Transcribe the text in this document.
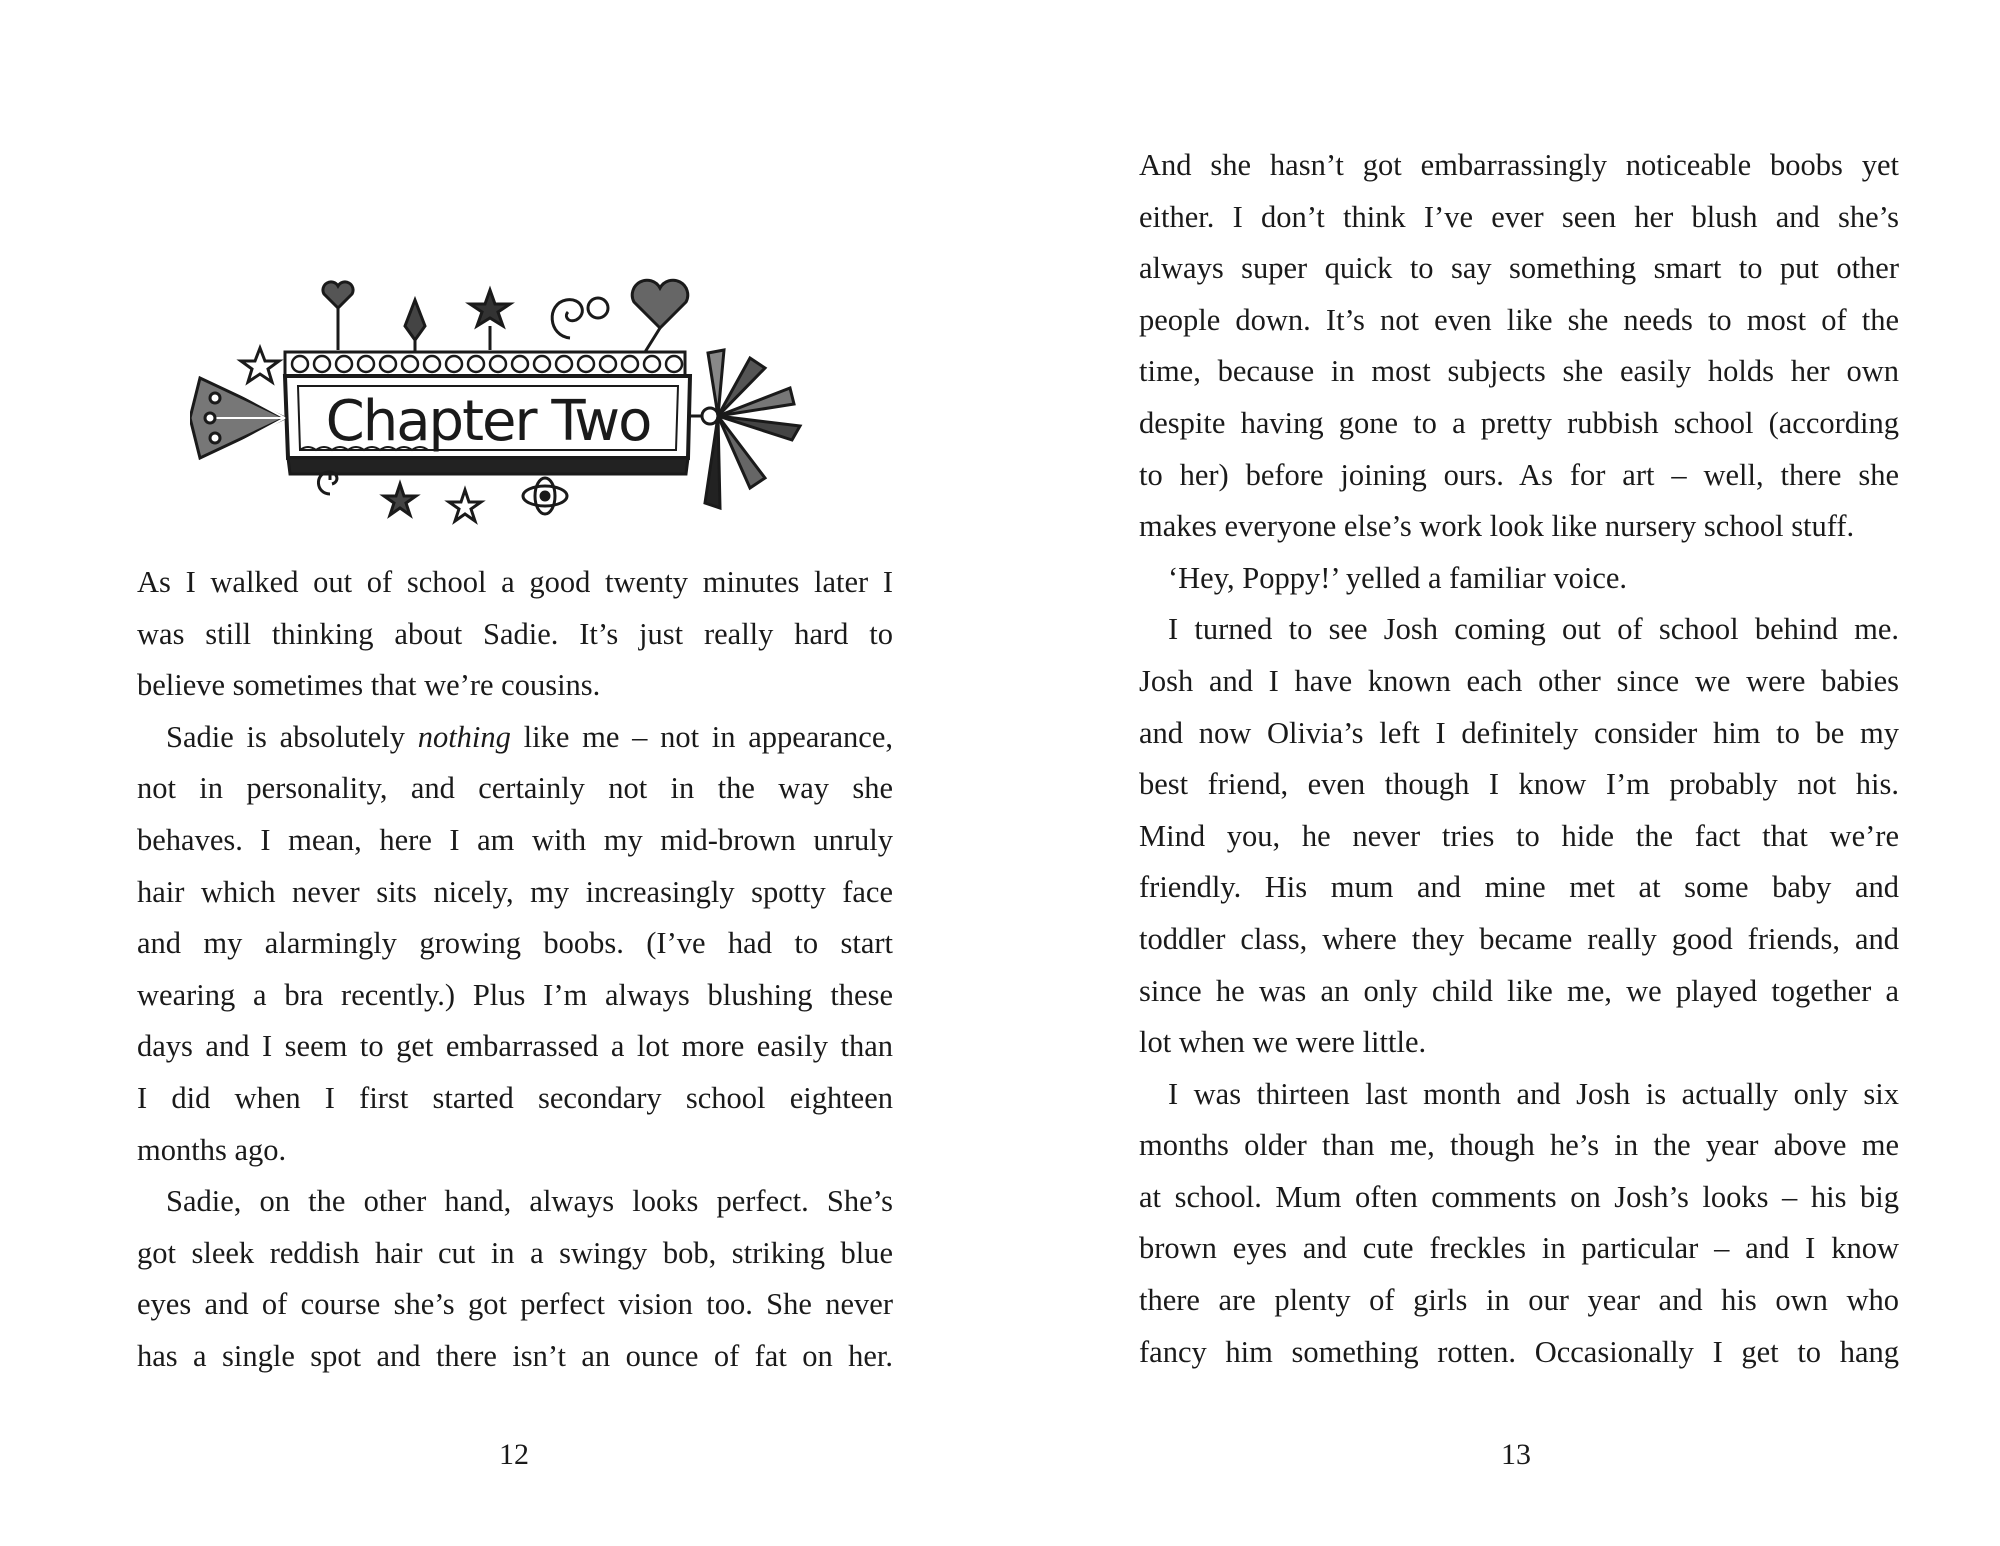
Chapter Two

As I walked out of school a good twenty minutes later I
was still thinking about Sadie. It’s just really hard to
believe sometimes that we’re cousins.

Sadie is absolutely nothing like me – not in appearance,
not in personality, and certainly not in the way she
behaves. I mean, here I am with my mid-brown unruly
hair which never sits nicely, my increasingly spotty face
and my alarmingly growing boobs. (I’ve had to start
wearing a bra recently.) Plus I’m always blushing these
days and I seem to get embarrassed a lot more easily than
I did when I first started secondary school eighteen
months ago.

Sadie, on the other hand, always looks perfect. She’s
got sleek reddish hair cut in a swingy bob, striking blue
eyes and of course she’s got perfect vision too. She never
has a single spot and there isn’t an ounce of fat on her.

12

And she hasn’t got embarrassingly noticeable boobs yet
either. I don’t think I’ve ever seen her blush and she’s
always super quick to say something smart to put other
people down. It’s not even like she needs to most of the
time, because in most subjects she easily holds her own
despite having gone to a pretty rubbish school (according
to her) before joining ours. As for art – well, there she
makes everyone else’s work look like nursery school stuff.

‘Hey, Poppy!’ yelled a familiar voice.

I turned to see Josh coming out of school behind me.
Josh and I have known each other since we were babies
and now Olivia’s left I definitely consider him to be my
best friend, even though I know I’m probably not his.
Mind you, he never tries to hide the fact that we’re
friendly. His mum and mine met at some baby and
toddler class, where they became really good friends, and
since he was an only child like me, we played together a
lot when we were little.

I was thirteen last month and Josh is actually only six
months older than me, though he’s in the year above me
at school. Mum often comments on Josh’s looks – his big
brown eyes and cute freckles in particular – and I know
there are plenty of girls in our year and his own who
fancy him something rotten. Occasionally I get to hang

13
